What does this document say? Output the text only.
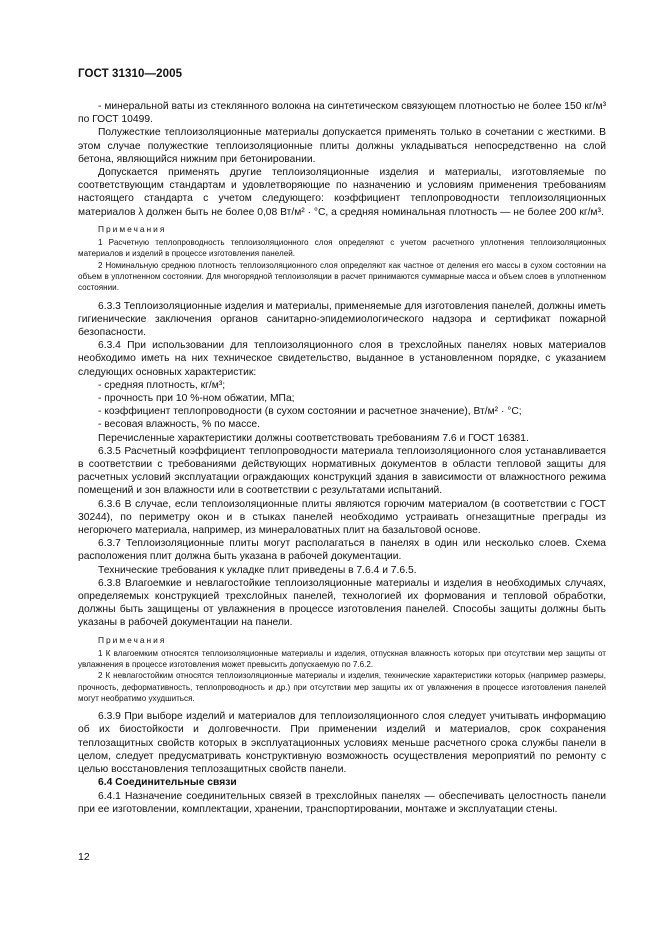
ГОСТ 31310—2005

- минеральной ваты из стеклянного волокна на синтетическом связующем плотностью не более 150 кг/м³ по ГОСТ 10499.

Полужесткие теплоизоляционные материалы допускается применять только в сочетании с жесткими. В этом случае полужесткие теплоизоляционные плиты должны укладываться непосредственно на слой бетона, являющийся нижним при бетонировании.

Допускается применять другие теплоизоляционные изделия и материалы, изготовляемые по соответствующим стандартам и удовлетворяющие по назначению и условиям применения требованиям настоящего стандарта с учетом следующего: коэффициент теплопроводности теплоизоляционных материалов λ должен быть не более 0,08 Вт/м² · °С, а средняя номинальная плотность — не более 200 кг/м³.

Примечания
1 Расчетную теплопроводность теплоизоляционного слоя определяют с учетом расчетного уплотнения теплоизоляционных материалов и изделий в процессе изготовления панелей.
2 Номинальную среднюю плотность теплоизоляционного слоя определяют как частное от деления его массы в сухом состоянии на объем в уплотненном состоянии. Для многорядной теплоизоляции в расчет принимаются суммарные масса и объем слоев в уплотненном состоянии.

6.3.3 Теплоизоляционные изделия и материалы, применяемые для изготовления панелей, должны иметь гигиенические заключения органов санитарно-эпидемиологического надзора и сертификат пожарной безопасности.

6.3.4 При использовании для теплоизоляционного слоя в трехслойных панелях новых материалов необходимо иметь на них техническое свидетельство, выданное в установленном порядке, с указанием следующих основных характеристик:

- средняя плотность, кг/м³;

- прочность при 10 %-ном обжатии, МПа;

- коэффициент теплопроводности (в сухом состоянии и расчетное значение), Вт/м² · °С;

- весовая влажность, % по массе.

Перечисленные характеристики должны соответствовать требованиям 7.6 и ГОСТ 16381.

6.3.5 Расчетный коэффициент теплопроводности материала теплоизоляционного слоя устанавливается в соответствии с требованиями действующих нормативных документов в области тепловой защиты для расчетных условий эксплуатации ограждающих конструкций здания в зависимости от влажностного режима помещений и зон влажности или в соответствии с результатами испытаний.

6.3.6 В случае, если теплоизоляционные плиты являются горючим материалом (в соответствии с ГОСТ 30244), по периметру окон и в стыках панелей необходимо устраивать огнезащитные преграды из негорючего материала, например, из минераловатных плит на базальтовой основе.

6.3.7 Теплоизоляционные плиты могут располагаться в панелях в один или несколько слоев. Схема расположения плит должна быть указана в рабочей документации.

Технические требования к укладке плит приведены в 7.6.4 и 7.6.5.

6.3.8 Влагоемкие и невлагостойкие теплоизоляционные материалы и изделия в необходимых случаях, определяемых конструкцией трехслойных панелей, технологией их формования и тепловой обработки, должны быть защищены от увлажнения в процессе изготовления панелей. Способы защиты должны быть указаны в рабочей документации на панели.

Примечания
1 К влагоемким относятся теплоизоляционные материалы и изделия, отпускная влажность которых при отсутствии мер защиты от увлажнения в процессе изготовления может превысить допускаемую по 7.6.2.
2 К невлагостойким относятся теплоизоляционные материалы и изделия, технические характеристики которых (например размеры, прочность, деформативность, теплопроводность и др.) при отсутствии мер защиты их от увлажнения в процессе изготовления панелей могут необратимо ухудшиться.

6.3.9 При выборе изделий и материалов для теплоизоляционного слоя следует учитывать информацию об их биостойкости и долговечности. При применении изделий и материалов, срок сохранения теплозащитных свойств которых в эксплуатационных условиях меньше расчетного срока службы панели в целом, следует предусматривать конструктивную возможность осуществления мероприятий по ремонту с целью восстановления теплозащитных свойств панели.

6.4 Соединительные связи

6.4.1 Назначение соединительных связей в трехслойных панелях — обеспечивать целостность панели при ее изготовлении, комплектации, хранении, транспортировании, монтаже и эксплуатации стены.

12
